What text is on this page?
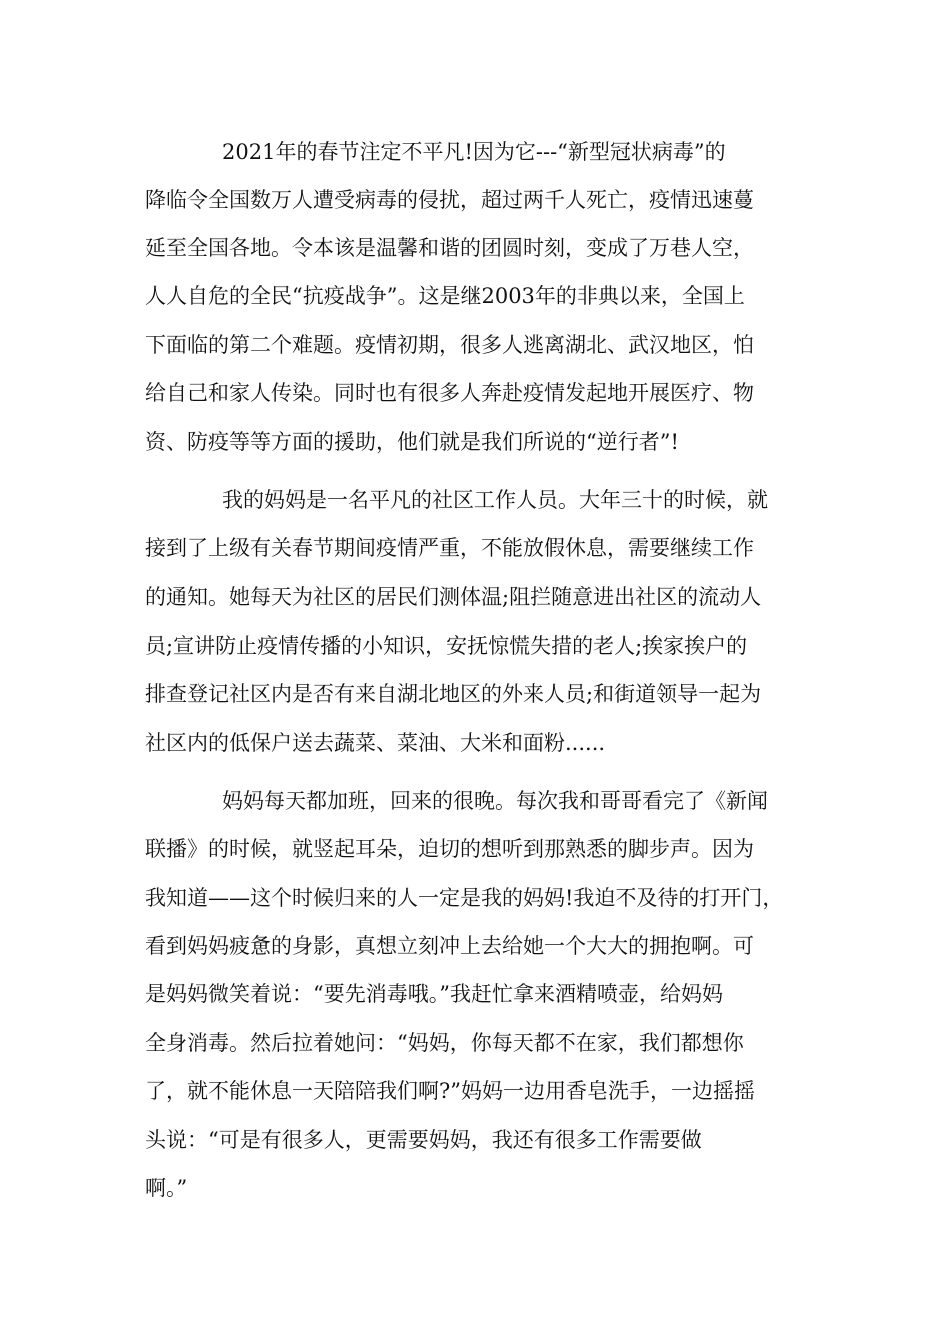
2021年的春节注定不平凡!因为它---“新型冠状病毒”的
降临令全国数万人遭受病毒的侵扰，超过两千人死亡，疫情迅速蔓
延至全国各地。令本该是温馨和谐的团圆时刻，变成了万巷人空，
人人自危的全民“抗疫战争”。这是继2003年的非典以来，全国上
下面临的第二个难题。疫情初期，很多人逃离湖北、武汉地区，怕
给自己和家人传染。同时也有很多人奔赴疫情发起地开展医疗、物
资、防疫等等方面的援助，他们就是我们所说的“逆行者”!
我的妈妈是一名平凡的社区工作人员。大年三十的时候，就
接到了上级有关春节期间疫情严重，不能放假休息，需要继续工作
的通知。她每天为社区的居民们测体温;阻拦随意进出社区的流动人
员;宣讲防止疫情传播的小知识，安抚惊慌失措的老人;挨家挨户的
排查登记社区内是否有来自湖北地区的外来人员;和街道领导一起为
社区内的低保户送去蔬菜、菜油、大米和面粉......
妈妈每天都加班，回来的很晚。每次我和哥哥看完了《新闻
联播》的时候，就竖起耳朵，迫切的想听到那熟悉的脚步声。因为
我知道——这个时候归来的人一定是我的妈妈!我迫不及待的打开门，
看到妈妈疲惫的身影，真想立刻冲上去给她一个大大的拥抱啊。可
是妈妈微笑着说：“要先消毒哦。”我赶忙拿来酒精喷壶，给妈妈
全身消毒。然后拉着她问：“妈妈，你每天都不在家，我们都想你
了，就不能休息一天陪陪我们啊?”妈妈一边用香皂洗手，一边摇摇
头说：“可是有很多人，更需要妈妈，我还有很多工作需要做
啊。”
